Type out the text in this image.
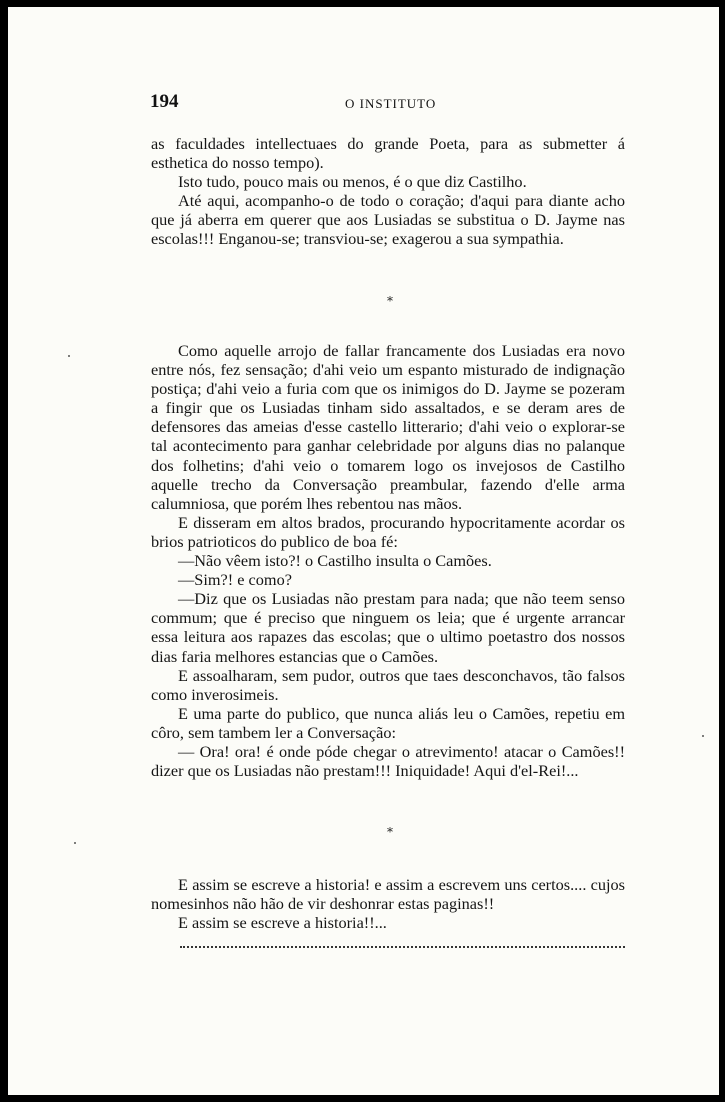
194	O INSTITUTO

as faculdades intellectuaes do grande Poeta, para as submetter á esthetica do nosso tempo).

Isto tudo, pouco mais ou menos, é o que diz Castilho.

Até aqui, acompanho-o de todo o coração; d'aqui para diante acho que já aberra em querer que aos Lusiadas se substitua o D. Jayme nas escolas!!! Enganou-se; transviou-se; exagerou a sua sympathia.

*

Como aquelle arrojo de fallar francamente dos Lusiadas era novo entre nós, fez sensação; d'ahi veio um espanto misturado de indignação postiça; d'ahi veio a furia com que os inimigos do D. Jayme se pozeram a fingir que os Lusiadas tinham sido assaltados, e se deram ares de defensores das ameias d'esse castello litterario; d'ahi veio o explorar-se tal acontecimento para ganhar celebridade por alguns dias no palanque dos folhetins; d'ahi veio o tomarem logo os invejosos de Castilho aquelle trecho da Conversação preambular, fazendo d'elle arma calumniosa, que porém lhes rebentou nas mãos.

E disseram em altos brados, procurando hypocritamente acordar os brios patrioticos do publico de boa fé:

—Não vêem isto?! o Castilho insulta o Camões.

—Sim?! e como?

—Diz que os Lusiadas não prestam para nada; que não teem senso commum; que é preciso que ninguem os leia; que é urgente arrancar essa leitura aos rapazes das escolas; que o ultimo poetastro dos nossos dias faria melhores estancias que o Camões.

E assoalharam, sem pudor, outros que taes desconchavos, tão falsos como inverosimeis.

E uma parte do publico, que nunca aliás leu o Camões, repetiu em côro, sem tambem ler a Conversação:

— Ora! ora! é onde póde chegar o atrevimento! atacar o Camões!! dizer que os Lusiadas não prestam!!! Iniquidade! Aqui d'el-Rei!...

*

E assim se escreve a historia! e assim a escrevem uns certos.... cujos nomesinhos não hão de vir deshonrar estas paginas!!

E assim se escreve a historia!!...
